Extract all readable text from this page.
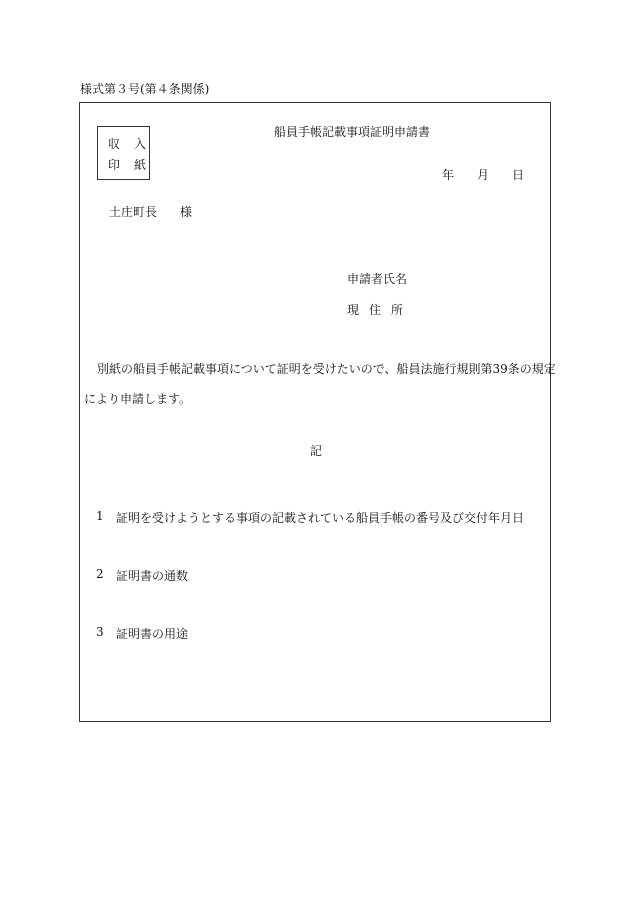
様式第３号(第４条関係)
収入
印紙
船員手帳記載事項証明申請書
年 月 日
土庄町長 様
申請者氏名
現住所
別紙の船員手帳記載事項について証明を受けたいので、船員法施行規則第39条の規定
により申請します。
記
1 証明を受けようとする事項の記載されている船員手帳の番号及び交付年月日
2 証明書の通数
3 証明書の用途
